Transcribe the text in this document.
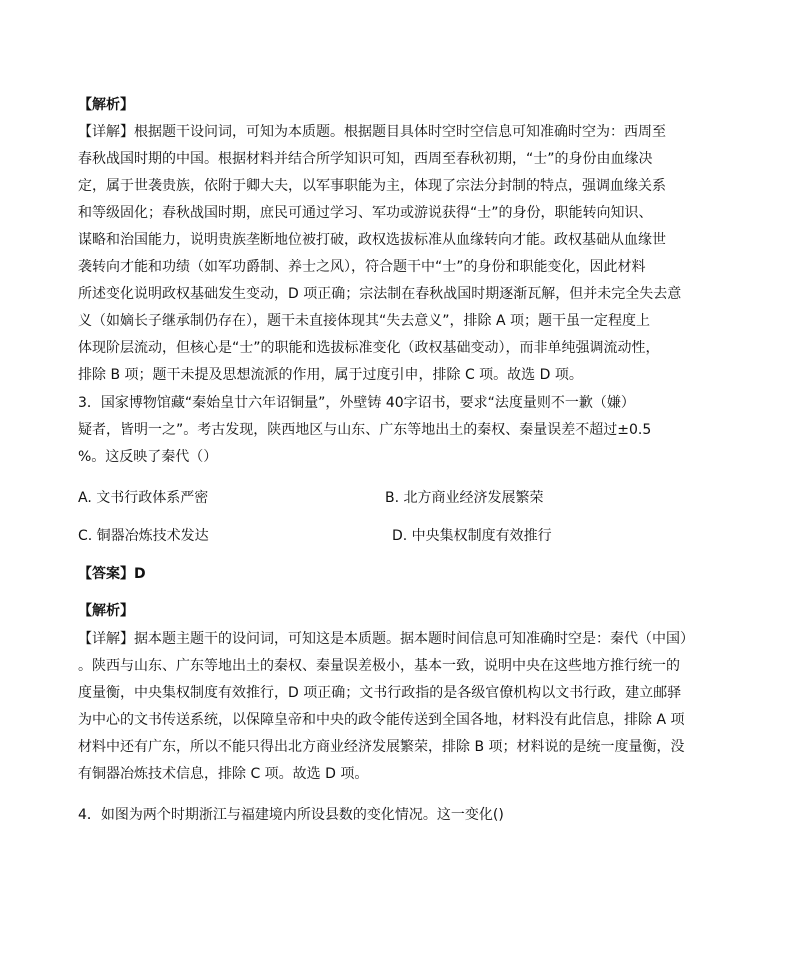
【解析】
【详解】根据题干设问词，可知为本质题。根据题目具体时空时空信息可知准确时空为：西周至
春秋战国时期的中国。根据材料并结合所学知识可知，西周至春秋初期，“士”的身份由血缘决
定，属于世袭贵族，依附于卿大夫，以军事职能为主，体现了宗法分封制的特点，强调血缘关系
和等级固化；春秋战国时期，庶民可通过学习、军功或游说获得“士”的身份，职能转向知识、
谋略和治国能力，说明贵族垄断地位被打破，政权选拔标准从血缘转向才能。政权基础从血缘世
袭转向才能和功绩（如军功爵制、养士之风），符合题干中“士”的身份和职能变化，因此材料
所述变化说明政权基础发生变动，D 项正确；宗法制在春秋战国时期逐渐瓦解，但并未完全失去意
义（如嫡长子继承制仍存在），题干未直接体现其“失去意义”，排除 A 项；题干虽一定程度上
体现阶层流动，但核心是“士”的职能和选拔标准变化（政权基础变动），而非单纯强调流动性，
排除 B 项；题干未提及思想流派的作用，属于过度引申，排除 C 项。故选 D 项。
3．国家博物馆藏“秦始皇廿六年诏铜量”，外壁铸 40字诏书，要求“法度量则不一歉（嫌）
疑者，皆明一之”。考古发现，陕西地区与山东、广东等地出土的秦权、秦量误差不超过±0.5
%。这反映了秦代（）
A. 文书行政体系严密	B. 北方商业经济发展繁荣
C. 铜器冶炼技术发达	D. 中央集权制度有效推行
【答案】D
【解析】
【详解】据本题主题干的设问词，可知这是本质题。据本题时间信息可知准确时空是：秦代（中国）
。陕西与山东、广东等地出土的秦权、秦量误差极小，基本一致，说明中央在这些地方推行统一的
度量衡，中央集权制度有效推行，D 项正确；文书行政指的是各级官僚机构以文书行政，建立邮驿
为中心的文书传送系统，以保障皇帝和中央的政令能传送到全国各地，材料没有此信息，排除 A 项
材料中还有广东，所以不能只得出北方商业经济发展繁荣，排除 B 项；材料说的是统一度量衡，没
有铜器冶炼技术信息，排除 C 项。故选 D 项。
4．如图为两个时期浙江与福建境内所设县数的变化情况。这一变化()
